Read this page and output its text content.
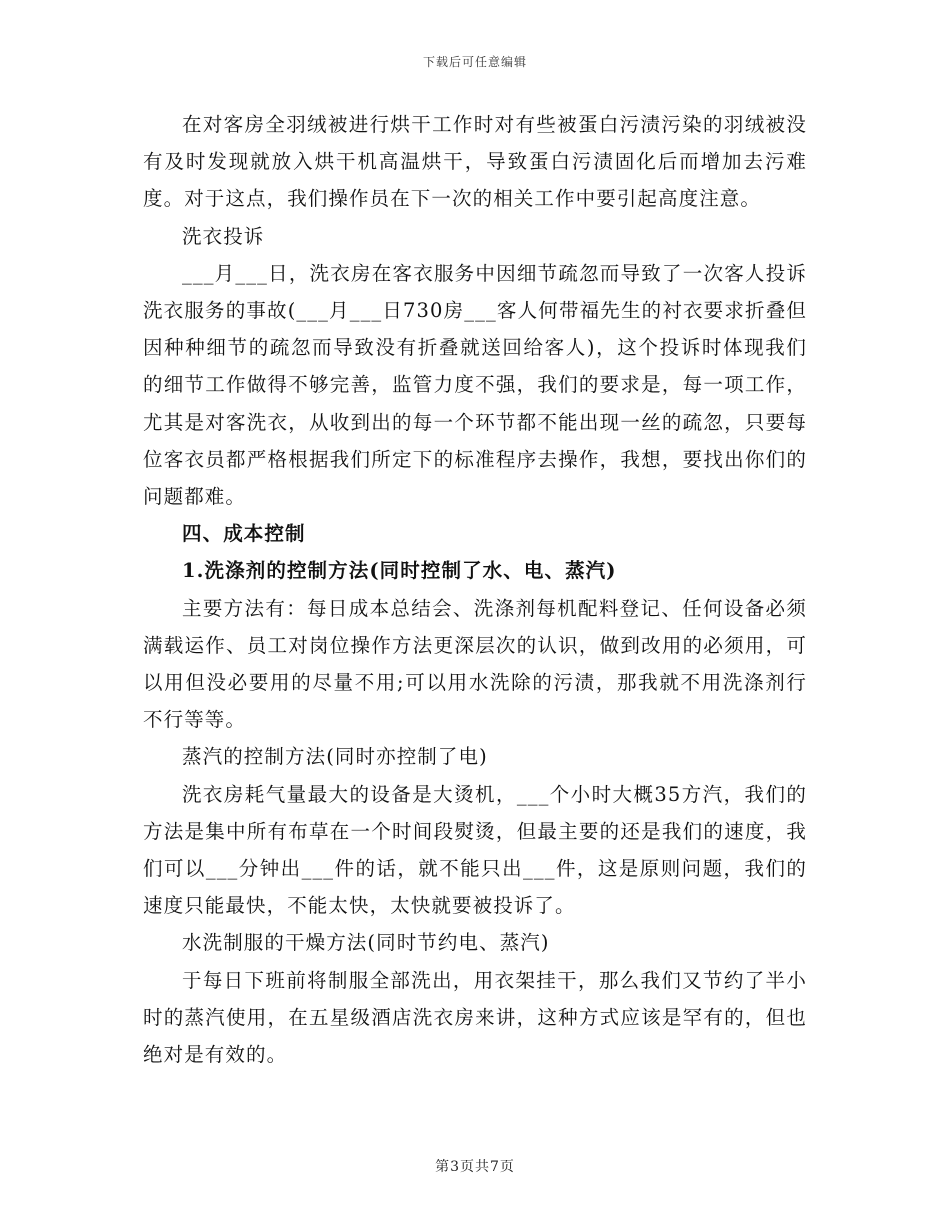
下载后可任意编辑

在对客房全羽绒被进行烘干工作时对有些被蛋白污渍污染的羽绒被没有及时发现就放入烘干机高温烘干，导致蛋白污渍固化后而增加去污难度。对于这点，我们操作员在下一次的相关工作中要引起高度注意。

洗衣投诉

___月___日，洗衣房在客衣服务中因细节疏忽而导致了一次客人投诉洗衣服务的事故(___月___日730房___客人何带福先生的衬衣要求折叠但因种种细节的疏忽而导致没有折叠就送回给客人)，这个投诉时体现我们的细节工作做得不够完善，监管力度不强，我们的要求是，每一项工作，尤其是对客洗衣，从收到出的每一个环节都不能出现一丝的疏忽，只要每位客衣员都严格根据我们所定下的标准程序去操作，我想，要找出你们的问题都难。

四、成本控制

1.洗涤剂的控制方法(同时控制了水、电、蒸汽)

主要方法有：每日成本总结会、洗涤剂每机配料登记、任何设备必须满载运作、员工对岗位操作方法更深层次的认识，做到改用的必须用，可以用但没必要用的尽量不用;可以用水洗除的污渍，那我就不用洗涤剂行不行等等。

蒸汽的控制方法(同时亦控制了电)

洗衣房耗气量最大的设备是大烫机，___个小时大概35方汽，我们的方法是集中所有布草在一个时间段熨烫，但最主要的还是我们的速度，我们可以___分钟出___件的话，就不能只出___件，这是原则问题，我们的速度只能最快，不能太快，太快就要被投诉了。

水洗制服的干燥方法(同时节约电、蒸汽)

于每日下班前将制服全部洗出，用衣架挂干，那么我们又节约了半小时的蒸汽使用，在五星级酒店洗衣房来讲，这种方式应该是罕有的，但也绝对是有效的。

第3页共7页
